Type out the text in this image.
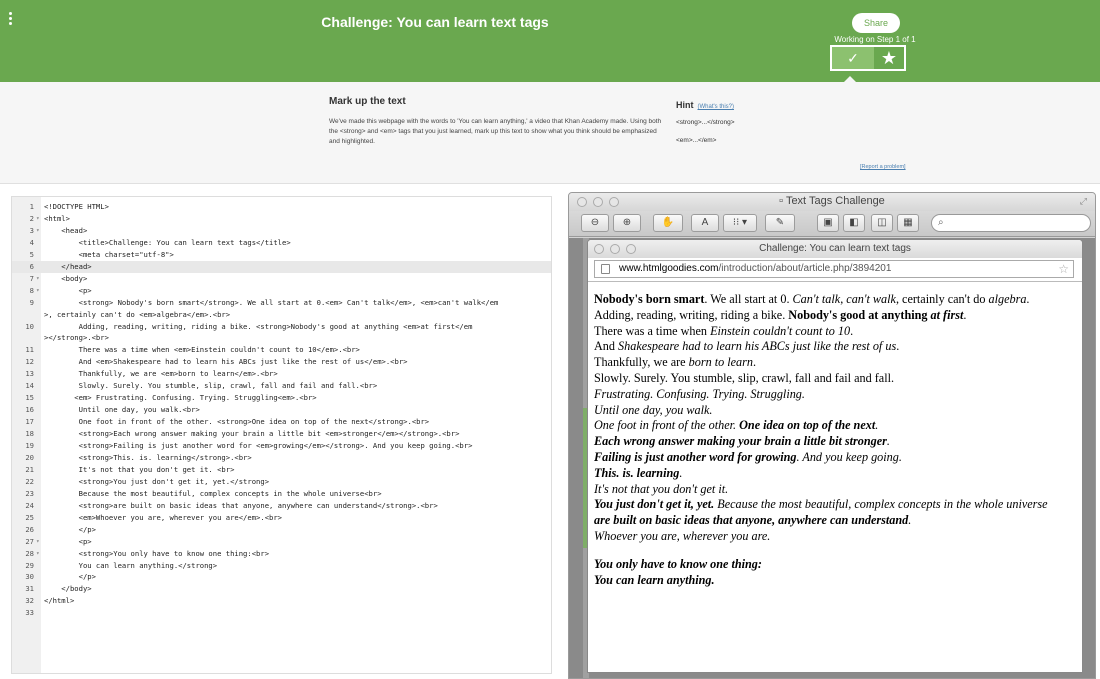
Challenge: You can learn text tags	Share
Working on Step 1 of 1
✓	★
Mark up the text
We've made this webpage with the words to 'You can learn anything,' a video that Khan Academy made. Using both the <strong> and <em> tags that you just learned, mark up this text to show what you think should be emphasized and highlighted.
Hint (What's this?)
<strong>...</strong>
<em>...</em>
[Report a problem]
1 <!DOCTYPE HTML>
2 ▾ <html>
3 ▾ <head>
4 <title>Challenge: You can learn text tags</title>
5 <meta charset="utf-8">
6 </head>
7 ▾ <body>
8 ▾ <p>
9 <strong> Nobody's born smart</strong>. We all start at 0.<em> Can't talk</em>, <em>can't walk</em
>, certainly can't do <em>algebra</em>.<br>
10 Adding, reading, writing, riding a bike. <strong>Nobody's good at anything <em>at first</em
></strong>.<br>
11 There was a time when <em>Einstein couldn't count to 10</em>.<br>
12 And <em>Shakespeare had to learn his ABCs just like the rest of us</em>.<br>
13 Thankfully, we are <em>born to learn</em>.<br>
14 Slowly. Surely. You stumble, slip, crawl, fall and fail and fall.<br>
15 <em> Frustrating. Confusing. Trying. Struggling<em>.<br>
16 Until one day, you walk.<br>
17 One foot in front of the other. <strong>One idea on top of the next</strong>.<br>
18 <strong>Each wrong answer making your brain a little bit <em>stronger</em></strong>.<br>
19 <strong>Failing is just another word for <em>growing</em></strong>. And you keep going.<br>
20 <strong>This. is. learning</strong>.<br>
21 It's not that you don't get it. <br>
22 <strong>You just don't get it, yet.</strong>
23 Because the most beautiful, complex concepts in the whole universe<br>
24 <strong>are built on basic ideas that anyone, anywhere can understand</strong>.<br>
25 <em>Whoever you are, wherever you are</em>.<br>
26 </p>
27 ▾ <p>
28 ▾ <strong>You only have to know one thing:<br>
29 You can learn anything.</strong>
30 </p>
31 </body>
32 </html>
33
▫ Text Tags Challenge	⤢
⊖	⊕	✋	A	⁝⁝ ▾	✎	▣	◧	◫	▦	⌕
Challenge: You can learn text tags
www.htmlgoodies.com/introduction/about/article.php/3894201	☆

Nobody's born smart. We all start at 0. Can't talk, can't walk, certainly can't do algebra.

Adding, reading, writing, riding a bike. Nobody's good at anything at first.

There was a time when Einstein couldn't count to 10.

And Shakespeare had to learn his ABCs just like the rest of us.

Thankfully, we are born to learn.

Slowly. Surely. You stumble, slip, crawl, fall and fail and fall.

Frustrating. Confusing. Trying. Struggling.

Until one day, you walk.

One foot in front of the other. One idea on top of the next.

Each wrong answer making your brain a little bit stronger.

Failing is just another word for growing. And you keep going.

This. is. learning.

It's not that you don't get it.

You just don't get it, yet. Because the most beautiful, complex concepts in the whole universe

are built on basic ideas that anyone, anywhere can understand.

Whoever you are, wherever you are.

You only have to know one thing:

You can learn anything.
